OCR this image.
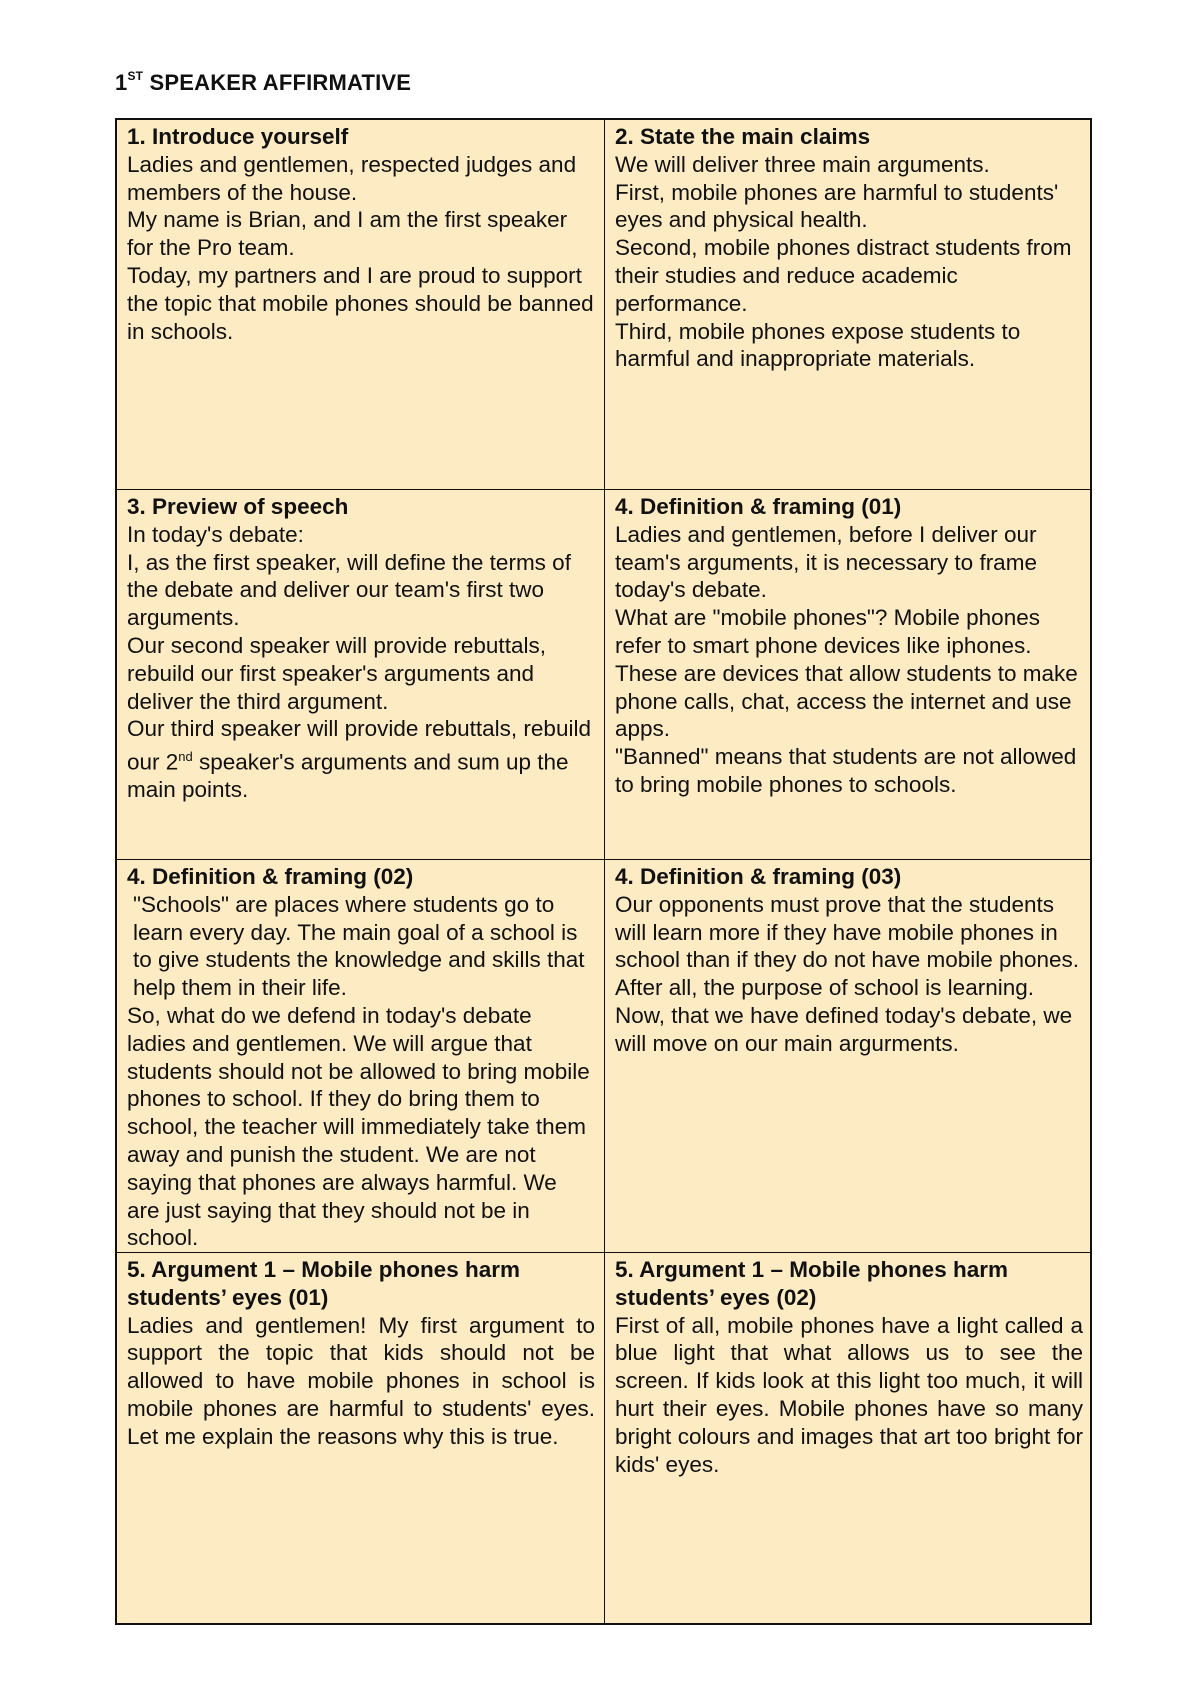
1ST SPEAKER AFFIRMATIVE
1. Introduce yourself

Ladies and gentlemen, respected judges and members of the house.

My name is Brian, and I am the first speaker for the Pro team.

Today, my partners and I are proud to support the topic that mobile phones should be banned in schools.

2. State the main claims

We will deliver three main arguments.

First, mobile phones are harmful to students' eyes and physical health.

Second, mobile phones distract students from their studies and reduce academic performance.

Third, mobile phones expose students to harmful and inappropriate materials.

3. Preview of speech

In today's debate:

I, as the first speaker, will define the terms of the debate and deliver our team's first two arguments.

Our second speaker will provide rebuttals, rebuild our first speaker's arguments and deliver the third argument.

Our third speaker will provide rebuttals, rebuild our 2nd speaker's arguments and sum up the main points.

4. Definition & framing (01)

Ladies and gentlemen, before I deliver our team's arguments, it is necessary to frame today's debate.

What are "mobile phones"? Mobile phones refer to smart phone devices like iphones. These are devices that allow students to make phone calls, chat, access the internet and use apps.

"Banned" means that students are not allowed to bring mobile phones to schools.

4. Definition & framing (02)

"Schools" are places where students go to learn every day. The main goal of a school is to give students the knowledge and skills that help them in their life.

So, what do we defend in today's debate ladies and gentlemen. We will argue that students should not be allowed to bring mobile phones to school. If they do bring them to school, the teacher will immediately take them away and punish the student. We are not saying that phones are always harmful. We are just saying that they should not be in school.

4. Definition & framing (03)

Our opponents must prove that the students will learn more if they have mobile phones in school than if they do not have mobile phones. After all, the purpose of school is learning.

Now, that we have defined today's debate, we will move on our main argurments.

5. Argument 1 – Mobile phones harm students’ eyes (01)

Ladies and gentlemen! My first argument to support the topic that kids should not be allowed to have mobile phones in school is mobile phones are harmful to students' eyes. Let me explain the reasons why this is true.

5. Argument 1 – Mobile phones harm students’ eyes (02)

First of all, mobile phones have a light called a blue light that what allows us to see the screen. If kids look at this light too much, it will hurt their eyes. Mobile phones have so many bright colours and images that art too bright for kids' eyes.
